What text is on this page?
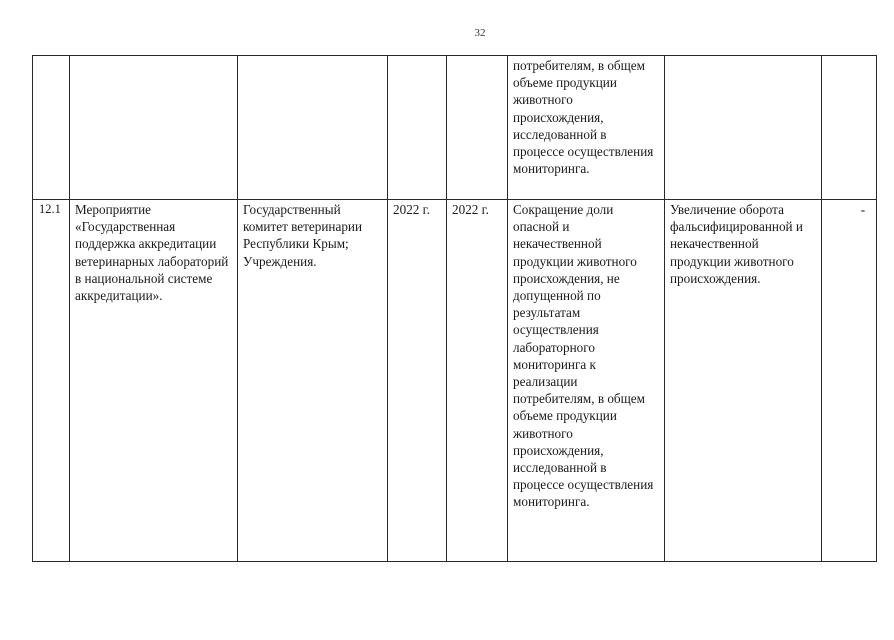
32
					потребителям, в общем объеме продукции животного происхождения, исследованной в процессе осуществления мониторинга.		
12.1	Мероприятие «Государственная поддержка аккредитации ветеринарных лабораторий в национальной системе аккредитации».	Государственный комитет ветеринарии Республики Крым; Учреждения.	2022 г.	2022 г.	Сокращение доли опасной и некачественной продукции животного происхождения, не допущенной по результатам осуществления лабораторного мониторинга к реализации потребителям, в общем объеме продукции животного происхождения, исследованной в процессе осуществления мониторинга.	Увеличение оборота фальсифицированной и некачественной продукции животного происхождения.	-
